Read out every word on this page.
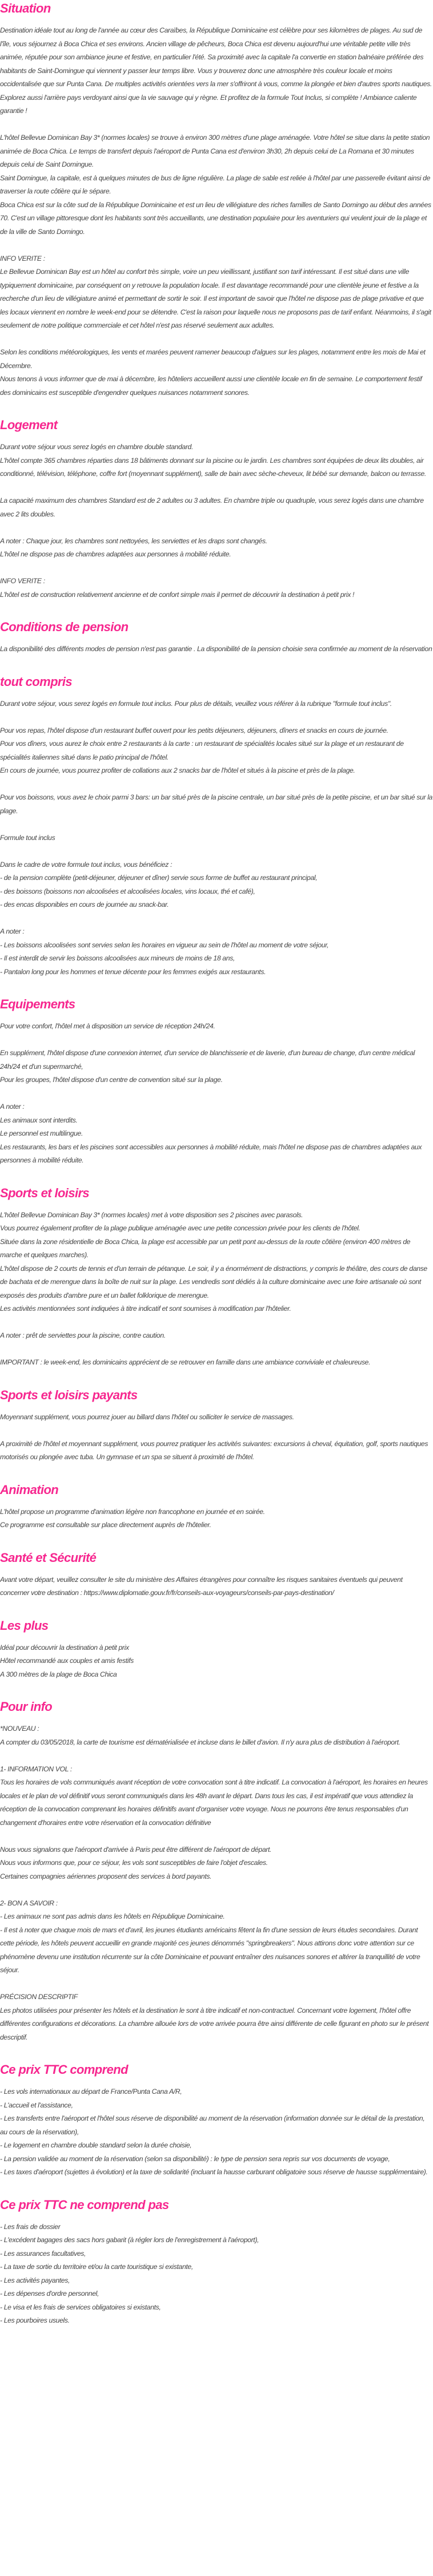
Situation

Destination idéale tout au long de l'année au cœur des Caraïbes, la République Dominicaine est célèbre pour ses kilomètres de plages. Au sud de l'île, vous séjournez à Boca Chica et ses environs. Ancien village de pêcheurs, Boca Chica est devenu aujourd'hui une véritable petite ville très animée, réputée pour son ambiance jeune et festive, en particulier l'été. Sa proximité avec la capitale l'a convertie en station balnéaire préférée des habitants de Saint-Domingue qui viennent y passer leur temps libre. Vous y trouverez donc une atmosphère très couleur locale et moins occidentalisée que sur Punta Cana. De multiples activités orientées vers la mer s'offriront à vous, comme la plongée et bien d'autres sports nautiques. Explorez aussi l'arrière pays verdoyant ainsi que la vie sauvage qui y règne. Et profitez de la formule Tout Inclus, si complète ! Ambiance caliente garantie !

L'hôtel Bellevue Dominican Bay 3* (normes locales) se trouve à environ 300 mètres d'une plage aménagée. Votre hôtel se situe dans la petite station animée de Boca Chica. Le temps de transfert depuis l'aéroport de Punta Cana est d'environ 3h30, 2h depuis celui de La Romana et 30 minutes depuis celui de Saint Domingue.
Saint Domingue, la capitale, est à quelques minutes de bus de ligne régulière. La plage de sable est reliée à l'hôtel par une passerelle évitant ainsi de traverser la route côtière qui le sépare.
Boca Chica est sur la côte sud de la République Dominicaine et est un lieu de villégiature des riches familles de Santo Domingo au début des années 70. C'est un village pittoresque dont les habitants sont très accueillants, une destination populaire pour les aventuriers qui veulent jouir de la plage et de la ville de Santo Domingo.

INFO VERITE :
Le Bellevue Dominican Bay est un hôtel au confort très simple, voire un peu vieillissant, justifiant son tarif intéressant. Il est situé dans une ville typiquement dominicaine, par conséquent on y retrouve la population locale. Il est davantage recommandé pour une clientèle jeune et festive a la recherche d'un lieu de villégiature animé et permettant de sortir le soir. Il est important de savoir que l'hôtel ne dispose pas de plage privative et que les locaux viennent en nombre le week-end pour se détendre. C'est la raison pour laquelle nous ne proposons pas de tarif enfant. Néanmoins, il s'agit seulement de notre politique commerciale et cet hôtel n'est pas réservé seulement aux adultes.

Selon les conditions météorologiques, les vents et marées peuvent ramener beaucoup d'algues sur les plages, notamment entre les mois de Mai et Décembre.
Nous tenons à vous informer que de mai à décembre, les hôteliers accueillent aussi une clientèle locale en fin de semaine. Le comportement festif des dominicains est susceptible d'engendrer quelques nuisances notamment sonores.

Logement

Durant votre séjour vous serez logés en chambre double standard.
L'hôtel compte 365 chambres réparties dans 18 bâtiments donnant sur la piscine ou le jardin. Les chambres sont équipées de deux lits doubles, air conditionné, télévision, téléphone, coffre fort (moyennant supplément), salle de bain avec sèche-cheveux, lit bébé sur demande, balcon ou terrasse.

La capacité maximum des chambres Standard est de 2 adultes ou 3 adultes. En chambre triple ou quadruple, vous serez logés dans une chambre avec 2 lits doubles.

A noter : Chaque jour, les chambres sont nettoyées, les serviettes et les draps sont changés.
L'hôtel ne dispose pas de chambres adaptées aux personnes à mobilité réduite.

INFO VERITE :
L'hôtel est de construction relativement ancienne et de confort simple mais il permet de découvrir la destination à petit prix !

Conditions de pension

La disponibilité des différents modes de pension n'est pas garantie . La disponibilité de la pension choisie sera confirmée au moment de la réservation

tout compris

Durant votre séjour, vous serez logés en formule tout inclus. Pour plus de détails, veuillez vous référer à la rubrique "formule tout inclus".

Pour vos repas, l'hôtel dispose d'un restaurant buffet ouvert pour les petits déjeuners, déjeuners, dîners et snacks en cours de journée.
Pour vos dîners, vous aurez le choix entre 2 restaurants à la carte : un restaurant de spécialités locales situé sur la plage et un restaurant de spécialités italiennes situé dans le patio principal de l'hôtel.
En cours de journée, vous pourrez profiter de collations aux 2 snacks bar de l'hôtel et situés à la piscine et près de la plage.

Pour vos boissons, vous avez le choix parmi 3 bars: un bar situé près de la piscine centrale, un bar situé près de la petite piscine, et un bar situé sur la plage.

Formule tout inclus

Dans le cadre de votre formule tout inclus, vous bénéficiez :
- de la pension complète (petit-déjeuner, déjeuner et dîner) servie sous forme de buffet au restaurant principal,
- des boissons (boissons non alcoolisées et alcoolisées locales, vins locaux, thé et café),
- des encas disponibles en cours de journée au snack-bar.

A noter :
- Les boissons alcoolisées sont servies selon les horaires en vigueur au sein de l'hôtel au moment de votre séjour,
- Il est interdit de servir les boissons alcoolisées aux mineurs de moins de 18 ans,
- Pantalon long pour les hommes et tenue décente pour les femmes exigés aux restaurants.

Equipements

Pour votre confort, l'hôtel met à disposition un service de réception 24h/24.

En supplément, l'hôtel dispose d'une connexion internet, d'un service de blanchisserie et de laverie, d'un bureau de change, d'un centre médical 24h/24 et d'un supermarché,
Pour les groupes, l'hôtel dispose d'un centre de convention situé sur la plage.

A noter :
Les animaux sont interdits.
Le personnel est multilingue.
Les restaurants, les bars et les piscines sont accessibles aux personnes à mobilité réduite, mais l'hôtel ne dispose pas de chambres adaptées aux personnes à mobilité réduite.

Sports et loisirs

L'hôtel Bellevue Dominican Bay 3* (normes locales) met à votre disposition ses 2 piscines avec parasols.
Vous pourrez également profiter de la plage publique aménagée avec une petite concession privée pour les clients de l'hôtel.
Située dans la zone résidentielle de Boca Chica, la plage est accessible par un petit pont au-dessus de la route côtière (environ 400 mètres de marche et quelques marches).
L'hôtel dispose de 2 courts de tennis et d'un terrain de pétanque. Le soir, il y a énormément de distractions, y compris le théâtre, des cours de danse de bachata et de merengue dans la boîte de nuit sur la plage. Les vendredis sont dédiés à la culture dominicaine avec une foire artisanale où sont exposés des produits d'ambre pure et un ballet folklorique de merengue.
Les activités mentionnées sont indiquées à titre indicatif et sont soumises à modification par l'hôtelier.

A noter : prêt de serviettes pour la piscine, contre caution.

IMPORTANT : le week-end, les dominicains apprécient de se retrouver en famille dans une ambiance conviviale et chaleureuse.

Sports et loisirs payants

Moyennant supplément, vous pourrez jouer au billard dans l'hôtel ou solliciter le service de massages.

A proximité de l'hôtel et moyennant supplément, vous pourrez pratiquer les activités suivantes: excursions à cheval, équitation, golf, sports nautiques motorisés ou plongée avec tuba. Un gymnase et un spa se situent à proximité de l'hôtel.

Animation

L'hôtel propose un programme d'animation légère non francophone en journée et en soirée.
Ce programme est consultable sur place directement auprès de l'hôtelier.

Santé et Sécurité

Avant votre départ, veuillez consulter le site du ministère des Affaires étrangères pour connaître les risques sanitaires éventuels qui peuvent concerner votre destination : https://www.diplomatie.gouv.fr/fr/conseils-aux-voyageurs/conseils-par-pays-destination/

Les plus

Idéal pour découvrir la destination à petit prix
Hôtel recommandé aux couples et amis festifs
A 300 mètres de la plage de Boca Chica

Pour info

*NOUVEAU :
A compter du 03/05/2018, la carte de tourisme est dématérialisée et incluse dans le billet d'avion. Il n'y aura plus de distribution à l'aéroport.

1- INFORMATION VOL :
Tous les horaires de vols communiqués avant réception de votre convocation sont à titre indicatif. La convocation à l'aéroport, les horaires en heures locales et le plan de vol définitif vous seront communiqués dans les 48h avant le départ. Dans tous les cas, il est impératif que vous attendiez la réception de la convocation comprenant les horaires définitifs avant d'organiser votre voyage. Nous ne pourrons être tenus responsables d'un changement d'horaires entre votre réservation et la convocation définitive

Nous vous signalons que l'aéroport d'arrivée à Paris peut être différent de l'aéroport de départ.
Nous vous informons que, pour ce séjour, les vols sont susceptibles de faire l'objet d'escales.
Certaines compagnies aériennes proposent des services à bord payants.

2- BON A SAVOIR :
- Les animaux ne sont pas admis dans les hôtels en République Dominicaine.
- Il est à noter que chaque mois de mars et d'avril, les jeunes étudiants américains fêtent la fin d'une session de leurs études secondaires. Durant cette période, les hôtels peuvent accueillir en grande majorité ces jeunes dénommés "springbreakers". Nous attirons donc votre attention sur ce phénomène devenu une institution récurrente sur la côte Dominicaine et pouvant entraîner des nuisances sonores et altérer la tranquillité de votre séjour.

PRÉCISION DESCRIPTIF
Les photos utilisées pour présenter les hôtels et la destination le sont à titre indicatif et non-contractuel. Concernant votre logement, l'hôtel offre différentes configurations et décorations. La chambre allouée lors de votre arrivée pourra être ainsi différente de celle figurant en photo sur le présent descriptif.

Ce prix TTC comprend

- Les vols internationaux au départ de France/Punta Cana A/R,
- L'accueil et l'assistance,
- Les transferts entre l'aéroport et l'hôtel sous réserve de disponibilité au moment de la réservation (information donnée sur le détail de la prestation, au cours de la réservation),
- Le logement en chambre double standard selon la durée choisie,
- La pension validée au moment de la réservation (selon sa disponibilité) : le type de pension sera repris sur vos documents de voyage,
- Les taxes d'aéroport (sujettes à évolution) et la taxe de solidarité (incluant la hausse carburant obligatoire sous réserve de hausse supplémentaire).

Ce prix TTC ne comprend pas

- Les frais de dossier
- L'excédent bagages des sacs hors gabarit (à régler lors de l'enregistrement à l'aéroport),
- Les assurances facultatives,
- La taxe de sortie du territoire et/ou la carte touristique si existante,
- Les activités payantes,
- Les dépenses d'ordre personnel,
- Le visa et les frais de services obligatoires si existants,
- Les pourboires usuels.
